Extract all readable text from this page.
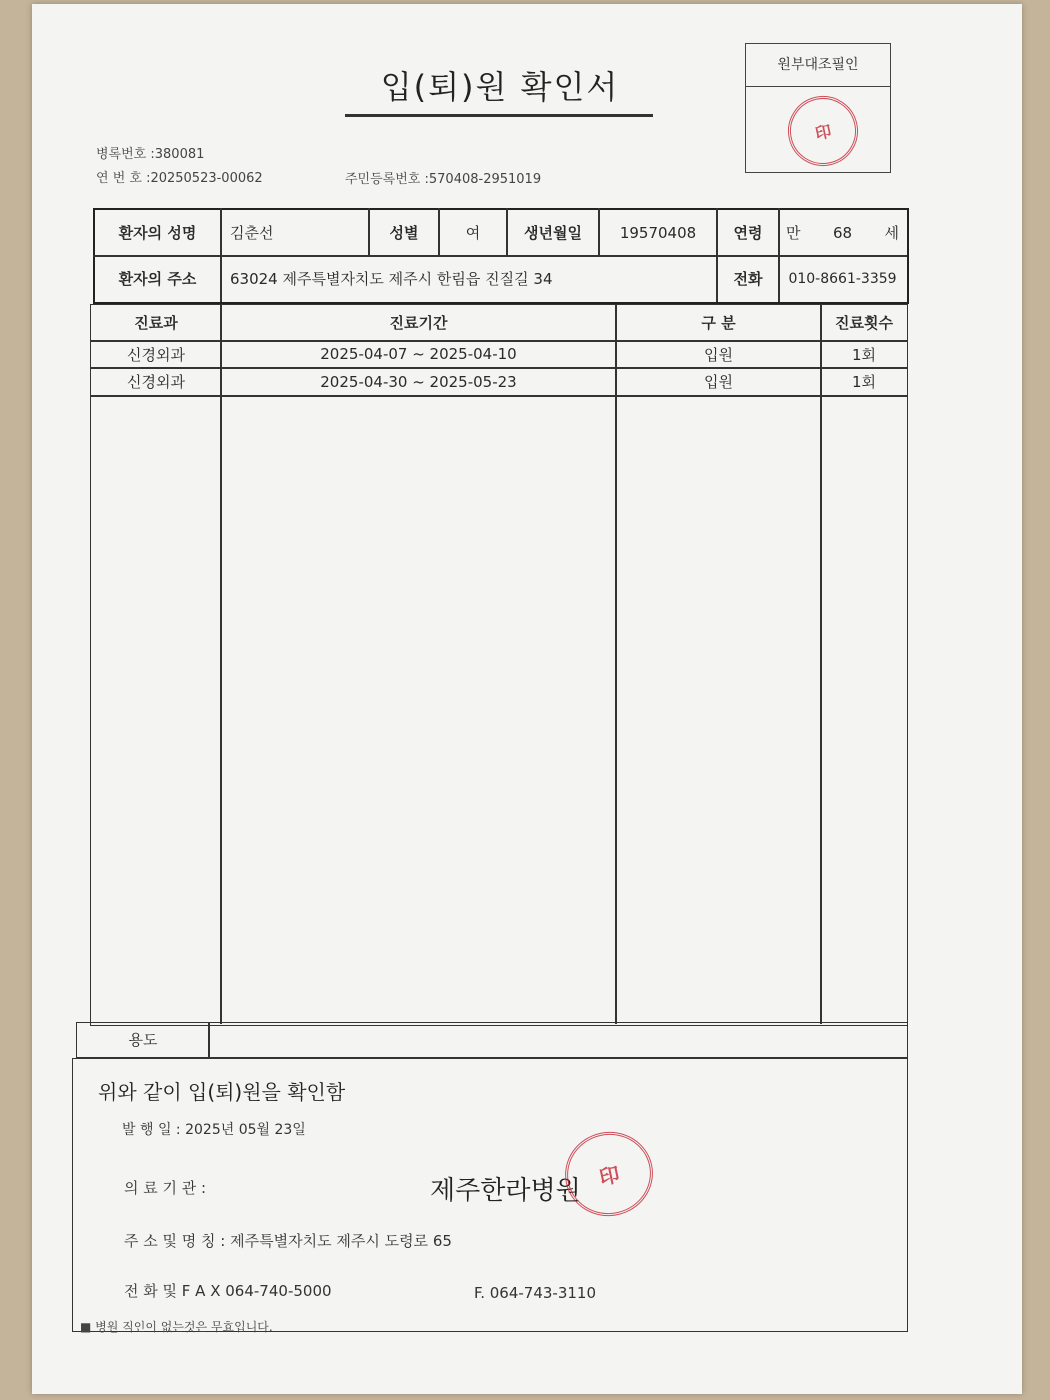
입(퇴)원 확인서
원부대조필인
印
병록번호 :380081
연 번 호 :20250523-00062	주민등록번호 :570408-2951019
환자의 성명	김춘선	성별	여	생년월일	19570408	연령	만 68 세
환자의 주소	63024 제주특별자치도 제주시 한림읍 진질길 34	전화	010-8661-3359
진료과	진료기간	구 분	진료횟수
신경외과	2025-04-07 ~ 2025-04-10	입원	1회
신경외과	2025-04-30 ~ 2025-05-23	입원	1회
용도
위와 같이 입(퇴)원을 확인함
발 행 일 : 2025년 05월 23일
의 료 기 관 :	제주한라병원
印
주 소 및 명 칭 : 제주특별자치도 제주시 도령로 65
전 화 및 F A X 064-740-5000	F. 064-743-3110
■ 병원 직인이 없는것은 무효입니다.
